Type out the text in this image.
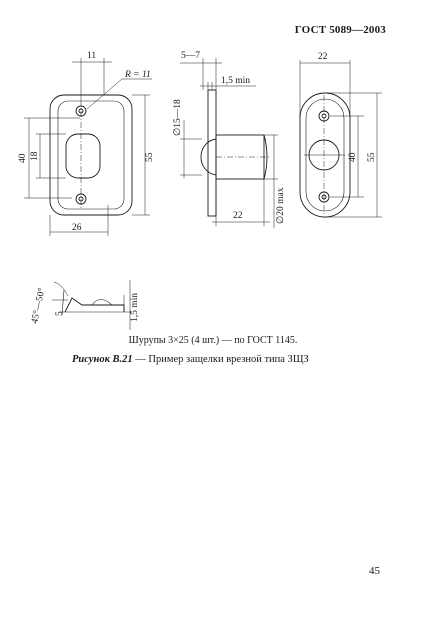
ГОСТ 5089—2003
11
R = 11
40 18	55
26
5—7
1,5 min
∅15—18
∅20 max
22
22
40 55
45°—50° 5	1,5 min
Шурупы 3×25 (4 шт.) — по ГОСТ 1145.
Рисунок В.21 — Пример защелки врезной типа ЗЩЗ
45
